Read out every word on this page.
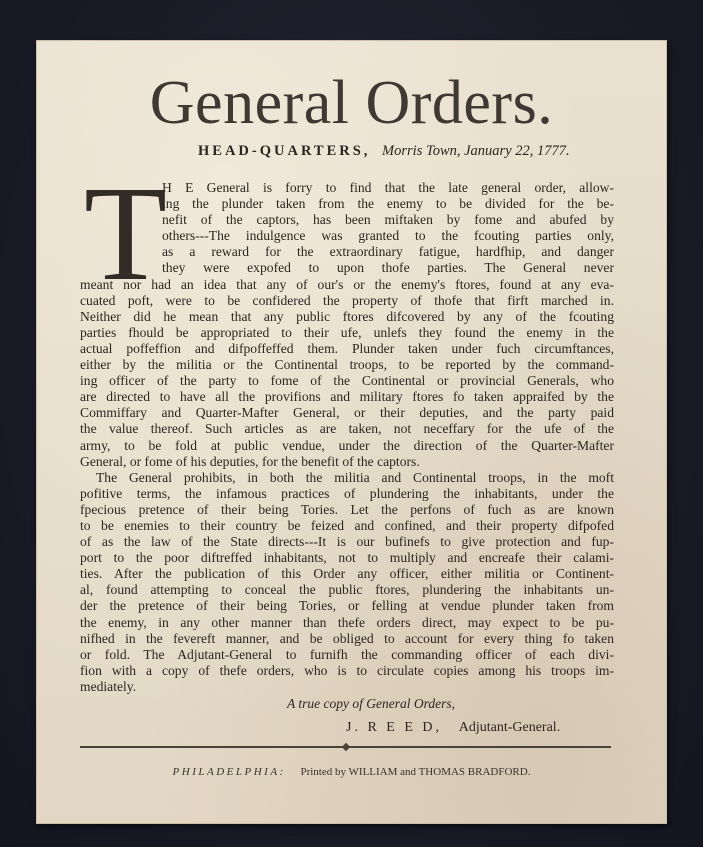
General Orders.
HEAD-QUARTERS, Morris Town, January 22, 1777.
T
H E General is forry to find that the late general order, allow-
ing the plunder taken from the enemy to be divided for the be-
nefit of the captors, has been miftaken by fome and abufed by
others---The indulgence was granted to the fcouting parties only,
as a reward for the extraordinary fatigue, hardfhip, and danger
they were expofed to upon thofe parties. The General never
meant nor had an idea that any of our's or the enemy's ftores, found at any eva-
cuated poft, were to be confidered the property of thofe that firft marched in.
Neither did he mean that any public ftores difcovered by any of the fcouting
parties fhould be appropriated to their ufe, unlefs they found the enemy in the
actual poffeffion and difpoffeffed them. Plunder taken under fuch circumftances,
either by the militia or the Continental troops, to be reported by the command-
ing officer of the party to fome of the Continental or provincial Generals, who
are directed to have all the provifions and military ftores fo taken appraifed by the
Commiffary and Quarter-Mafter General, or their deputies, and the party paid
the value thereof. Such articles as are taken, not neceffary for the ufe of the
army, to be fold at public vendue, under the direction of the Quarter-Mafter
General, or fome of his deputies, for the benefit of the captors.
The General prohibits, in both the militia and Continental troops, in the moft
pofitive terms, the infamous practices of plundering the inhabitants, under the
fpecious pretence of their being Tories. Let the perfons of fuch as are known
to be enemies to their country be feized and confined, and their property difpofed
of as the law of the State directs---It is our bufinefs to give protection and fup-
port to the poor diftreffed inhabitants, not to multiply and encreafe their calami-
ties. After the publication of this Order any officer, either militia or Continent-
al, found attempting to conceal the public ftores, plundering the inhabitants un-
der the pretence of their being Tories, or felling at vendue plunder taken from
the enemy, in any other manner than thefe orders direct, may expect to be pu-
nifhed in the fevereft manner, and be obliged to account for every thing fo taken
or fold. The Adjutant-General to furnifh the commanding officer of each divi-
fion with a copy of thefe orders, who is to circulate copies among his troops im-
mediately.
A true copy of General Orders,
J. R E E D, Adjutant-General.
PHILADELPHIA: Printed by WILLIAM and THOMAS BRADFORD.
